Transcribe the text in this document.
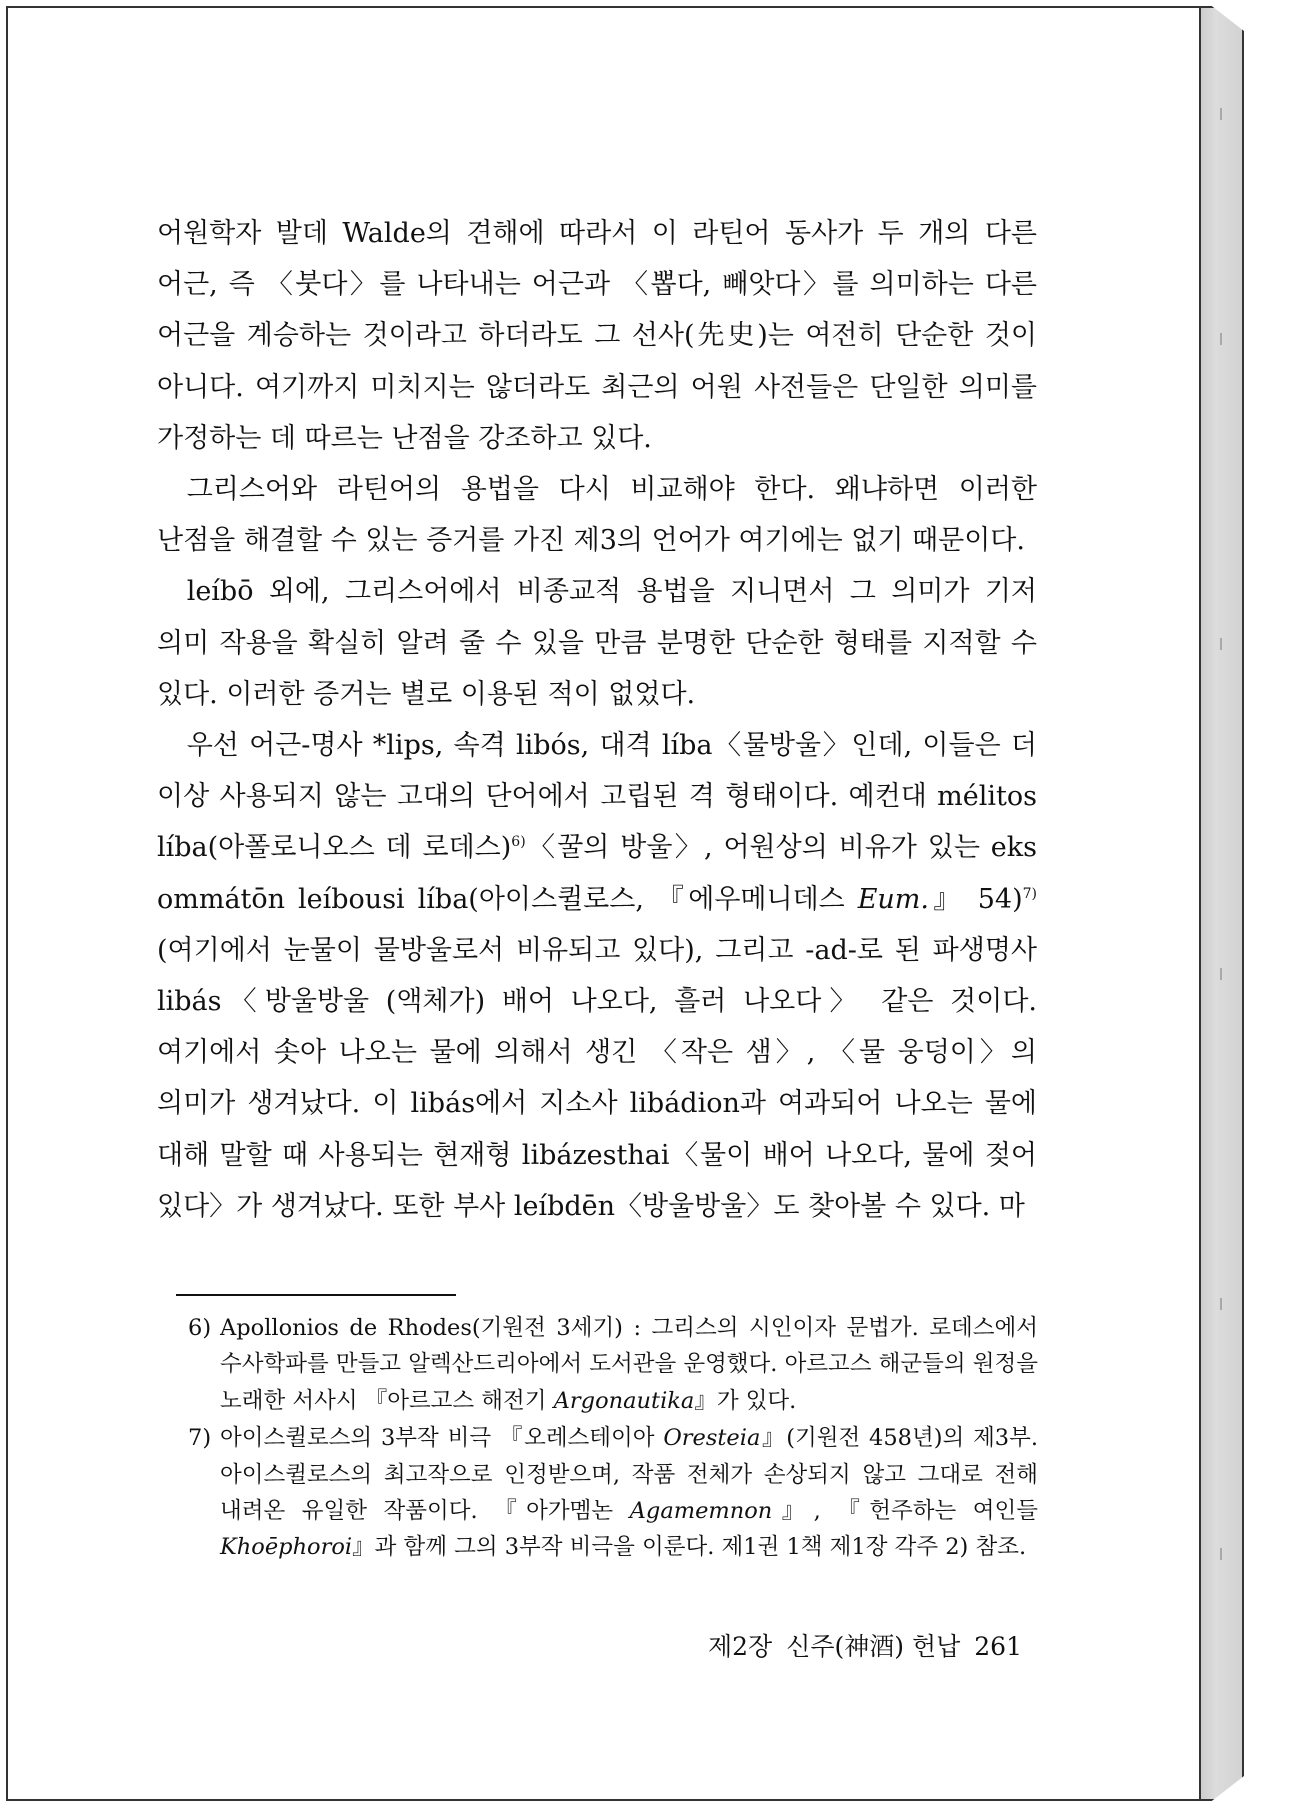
어원학자 발데 Walde의 견해에 따라서 이 라틴어 동사가 두 개의 다른 어근, 즉 〈붓다〉를 나타내는 어근과 〈뽑다, 빼앗다〉를 의미하는 다른 어근을 계승하는 것이라고 하더라도 그 선사(先史)는 여전히 단순한 것이 아니다. 여기까지 미치지는 않더라도 최근의 어원 사전들은 단일한 의미를 가정하는 데 따르는 난점을 강조하고 있다.

그리스어와 라틴어의 용법을 다시 비교해야 한다. 왜냐하면 이러한 난점을 해결할 수 있는 증거를 가진 제3의 언어가 여기에는 없기 때문이다.

leíbō 외에, 그리스어에서 비종교적 용법을 지니면서 그 의미가 기저 의미 작용을 확실히 알려 줄 수 있을 만큼 분명한 단순한 형태를 지적할 수 있다. 이러한 증거는 별로 이용된 적이 없었다.

우선 어근-명사 *lips, 속격 libós, 대격 líba〈물방울〉인데, 이들은 더 이상 사용되지 않는 고대의 단어에서 고립된 격 형태이다. 예컨대 mélitos líba(아폴로니오스 데 로데스)$^{6)}$〈꿀의 방울〉, 어원상의 비유가 있는 eks ommátōn leíbousi líba(아이스퀼로스, 『에우메니데스 Eum.』 54)$^{7)}$ (여기에서 눈물이 물방울로서 비유되고 있다), 그리고 -ad-로 된 파생명사 libás〈방울방울 (액체가) 배어 나오다, 흘러 나오다〉 같은 것이다. 여기에서 솟아 나오는 물에 의해서 생긴 〈작은 샘〉, 〈물 웅덩이〉의 의미가 생겨났다. 이 libás에서 지소사 libádion과 여과되어 나오는 물에 대해 말할 때 사용되는 현재형 libázesthai〈물이 배어 나오다, 물에 젖어 있다〉가 생겨났다. 또한 부사 leíbdēn〈방울방울〉도 찾아볼 수 있다. 마

6) Apollonios de Rhodes(기원전 3세기) : 그리스의 시인이자 문법가. 로데스에서 수사학파를 만들고 알렉산드리아에서 도서관을 운영했다. 아르고스 해군들의 원정을 노래한 서사시 『아르고스 해전기 Argonautika』가 있다.

7) 아이스퀼로스의 3부작 비극 『오레스테이아 Oresteia』(기원전 458년)의 제3부. 아이스퀼로스의 최고작으로 인정받으며, 작품 전체가 손상되지 않고 그대로 전해 내려온 유일한 작품이다. 『아가멤논 Agamemnon』, 『헌주하는 여인들 Khoēphoroi』과 함께 그의 3부작 비극을 이룬다. 제1권 1책 제1장 각주 2) 참조.

제2장 신주(神酒) 헌납 261
